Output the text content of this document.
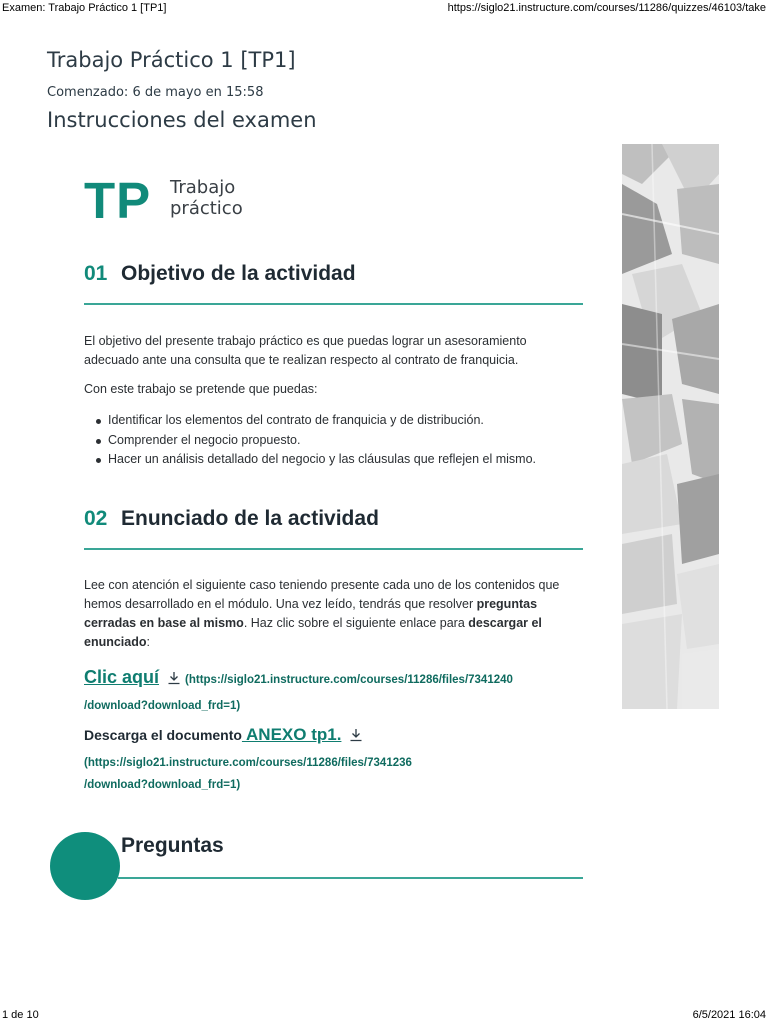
Examen: Trabajo Práctico 1 [TP1]	https://siglo21.instructure.com/courses/11286/quizzes/46103/take
Trabajo Práctico 1 [TP1]
Comenzado: 6 de mayo en 15:58
Instrucciones del examen
TP Trabajo
práctico
01 Objetivo de la actividad

El objetivo del presente trabajo práctico es que puedas lograr un asesoramiento adecuado ante una consulta que te realizan respecto al contrato de franquicia.

Con este trabajo se pretende que puedas:

Identificar los elementos del contrato de franquicia y de distribución.
Comprender el negocio propuesto.
Hacer un análisis detallado del negocio y las cláusulas que reflejen el mismo.
02 Enunciado de la actividad

Lee con atención el siguiente caso teniendo presente cada uno de los contenidos que hemos desarrollado en el módulo. Una vez leído, tendrás que resolver preguntas cerradas en base al mismo. Haz clic sobre el siguiente enlace para descargar el enunciado:

Clic aquí (https://siglo21.instructure.com/courses/11286/files/7341240
/download?download_frd=1)
Descarga el documento ANEXO tp1.
(https://siglo21.instructure.com/courses/11286/files/7341236
/download?download_frd=1)
Preguntas
1 de 10	6/5/2021 16:04
